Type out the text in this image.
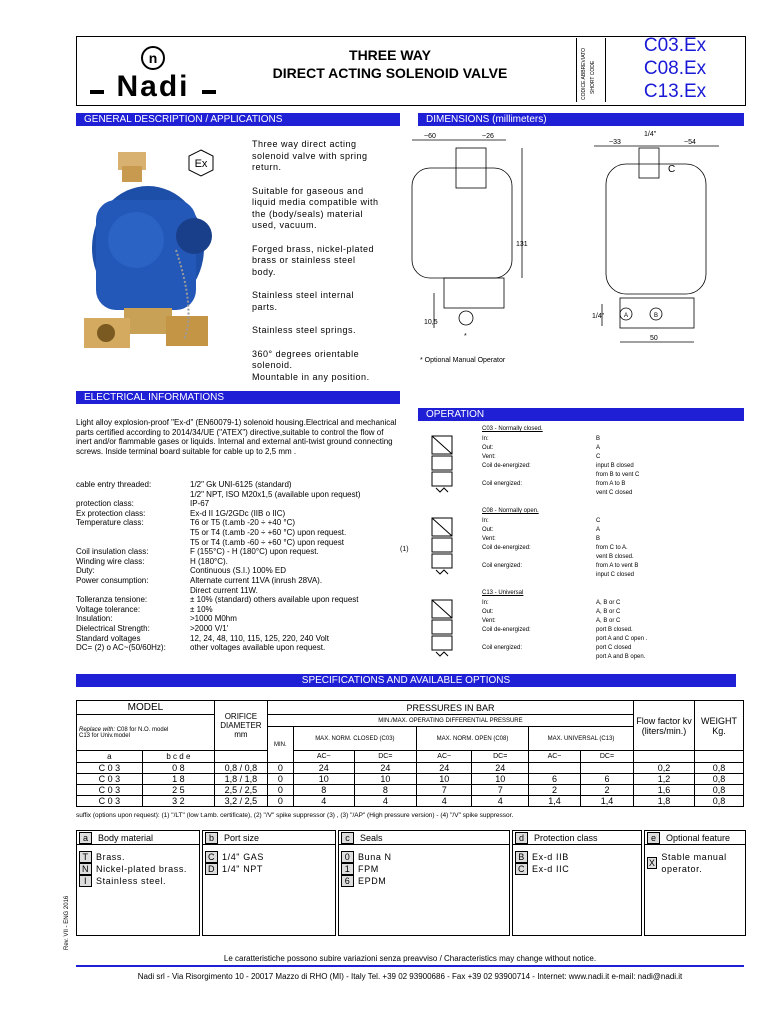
n
Nadi
THREE WAY
DIRECT ACTING SOLENOID VALVE	CODICE ABBREVIATO SHORT CODE
C03.Ex
C08.Ex
C13.Ex
GENERAL DESCRIPTION / APPLICATIONS
Ex
Three way direct acting solenoid valve with spring return.
Suitable for gaseous and liquid media compatible with the (body/seals) material used, vacuum.
Forged brass, nickel-plated brass or stainless steel body.
Stainless steel internal parts.
Stainless steel springs.
360° degrees orientable solenoid.
Mountable in any position.
DIMENSIONS (millimeters)
~60	~26
~33	~54
1/4"
131
10,5
1/4"
50
C
A	B
*
* Optional Manual Operator
ELECTRICAL INFORMATIONS
Light alloy explosion-proof "Ex-d" (EN60079-1) solenoid housing.Electrical and mechanical parts certified according to 2014/34/UE ("ATEX") directive,suitable to control the flow of inert and/or flammable gases or liquids. Internal and external anti-twist ground connecting screws. Inside terminal board suitable for cable up to 2,5 mm .
cable entry threaded:	1/2" Gk UNI-6125 (standard)
1/2" NPT, ISO M20x1,5 (available upon request)
protection class:	IP-67
Ex protection class:	Ex-d II 1G/2GDc (IIB o IIC)
Temperature class:	T6 or T5 (t.amb -20 ÷ +40 °C)
T5 or T4 (t.amb -20 ÷ +60 °C) upon request.
T5 or T4 (t.amb -60 ÷ +60 °C) upon request
Coil insulation class:	F (155°C) - H (180°C) upon request.
Winding wire class:	H (180°C).
Duty:	Continuous (S.I.) 100% ED
Power consumption:	Alternate current 11VA (inrush 28VA).
Direct current 11W.
Tolleranza tensione:	± 10% (standard) others available upon request
Voltage tolerance:	± 10%
Insulation:	>1000 M0hm
Dielectrical Strength:	>2000 V/1'
Standard voltages	12, 24, 48, 110, 115, 125, 220, 240 Volt
DC= (2) o AC~(50/60Hz):	other voltages available upon request.
(1)
OPERATION
C03 - Normally closed.
In:	B
Out:	A
Vent:	C
Coil de-energized:	input B closed
from B to vent C
Coil energized:	from A to B
vent C closed
C08 - Normally open.
In:	C
Out:	A
Vent:	B
Coil de-energized:	from C to A.
vent B closed.
Coil energized:	from A to vent B
input C closed
C13 - Universal
In:	A, B or C
Out:	A, B or C
Vent:	A, B or C
Coil de-energized:	port B closed.
port A and C open .
Coil energized:	port C closed
port A and B open.
SPECIFICATIONS AND AVAILABLE OPTIONS
MODEL		ORIFICE DIAMETER mm	PRESSURES IN BAR							Flow factor kv (liters/min.)	WEIGHT Kg.
Replace with: C08 for N.O. model
C13 for Univ.model			MIN./MAX. OPERATING DIFFERENTIAL PRESSURE								
			MIN.	MAX. NORM. CLOSED (C03)		MAX. NORM. OPEN (C08)		MAX. UNIVERSAL (C13)			
a	b c d e			AC~	DC=	AC~	DC=	AC~	DC=		
C 0 3	0 8	0,8 / 0,8	0	24	24	24	24			0,2	0,8
C 0 3	1 8	1,8 / 1,8	0	10	10	10	10	6	6	1,2	0,8
C 0 3	2 5	2,5 / 2,5	0	8	8	7	7	2	2	1,6	0,8
C 0 3	3 2	3,2 / 2,5	0	4	4	4	4	1,4	1,4	1,8	0,8
suffix (options upon request): (1) "/LT" (low t.amb. certificate), (2) "/V" spike suppressor (3) , (3) "/AP" (High pressure version) - (4) "/V" spike suppressor.
a	Body material
T Brass.
N Nickel-plated brass.
I Stainless steel.
b	Port size
C 1/4" GAS
D 1/4" NPT
c	Seals
0 Buna N
1 FPM
6 EPDM
d	Protection class
B Ex-d IIB
C Ex-d IIC
e	Optional feature
X
Stable manual operator.
Rev. VII - ENG 2016
Le caratteristiche possono subire variazioni senza preavviso / Characteristics may change without notice.
Nadi srl - Via Risorgimento 10 - 20017 Mazzo di RHO (MI) - Italy Tel. +39 02 93900686 - Fax +39 02 93900714 - Internet: www.nadi.it e-mail: nadi@nadi.it
